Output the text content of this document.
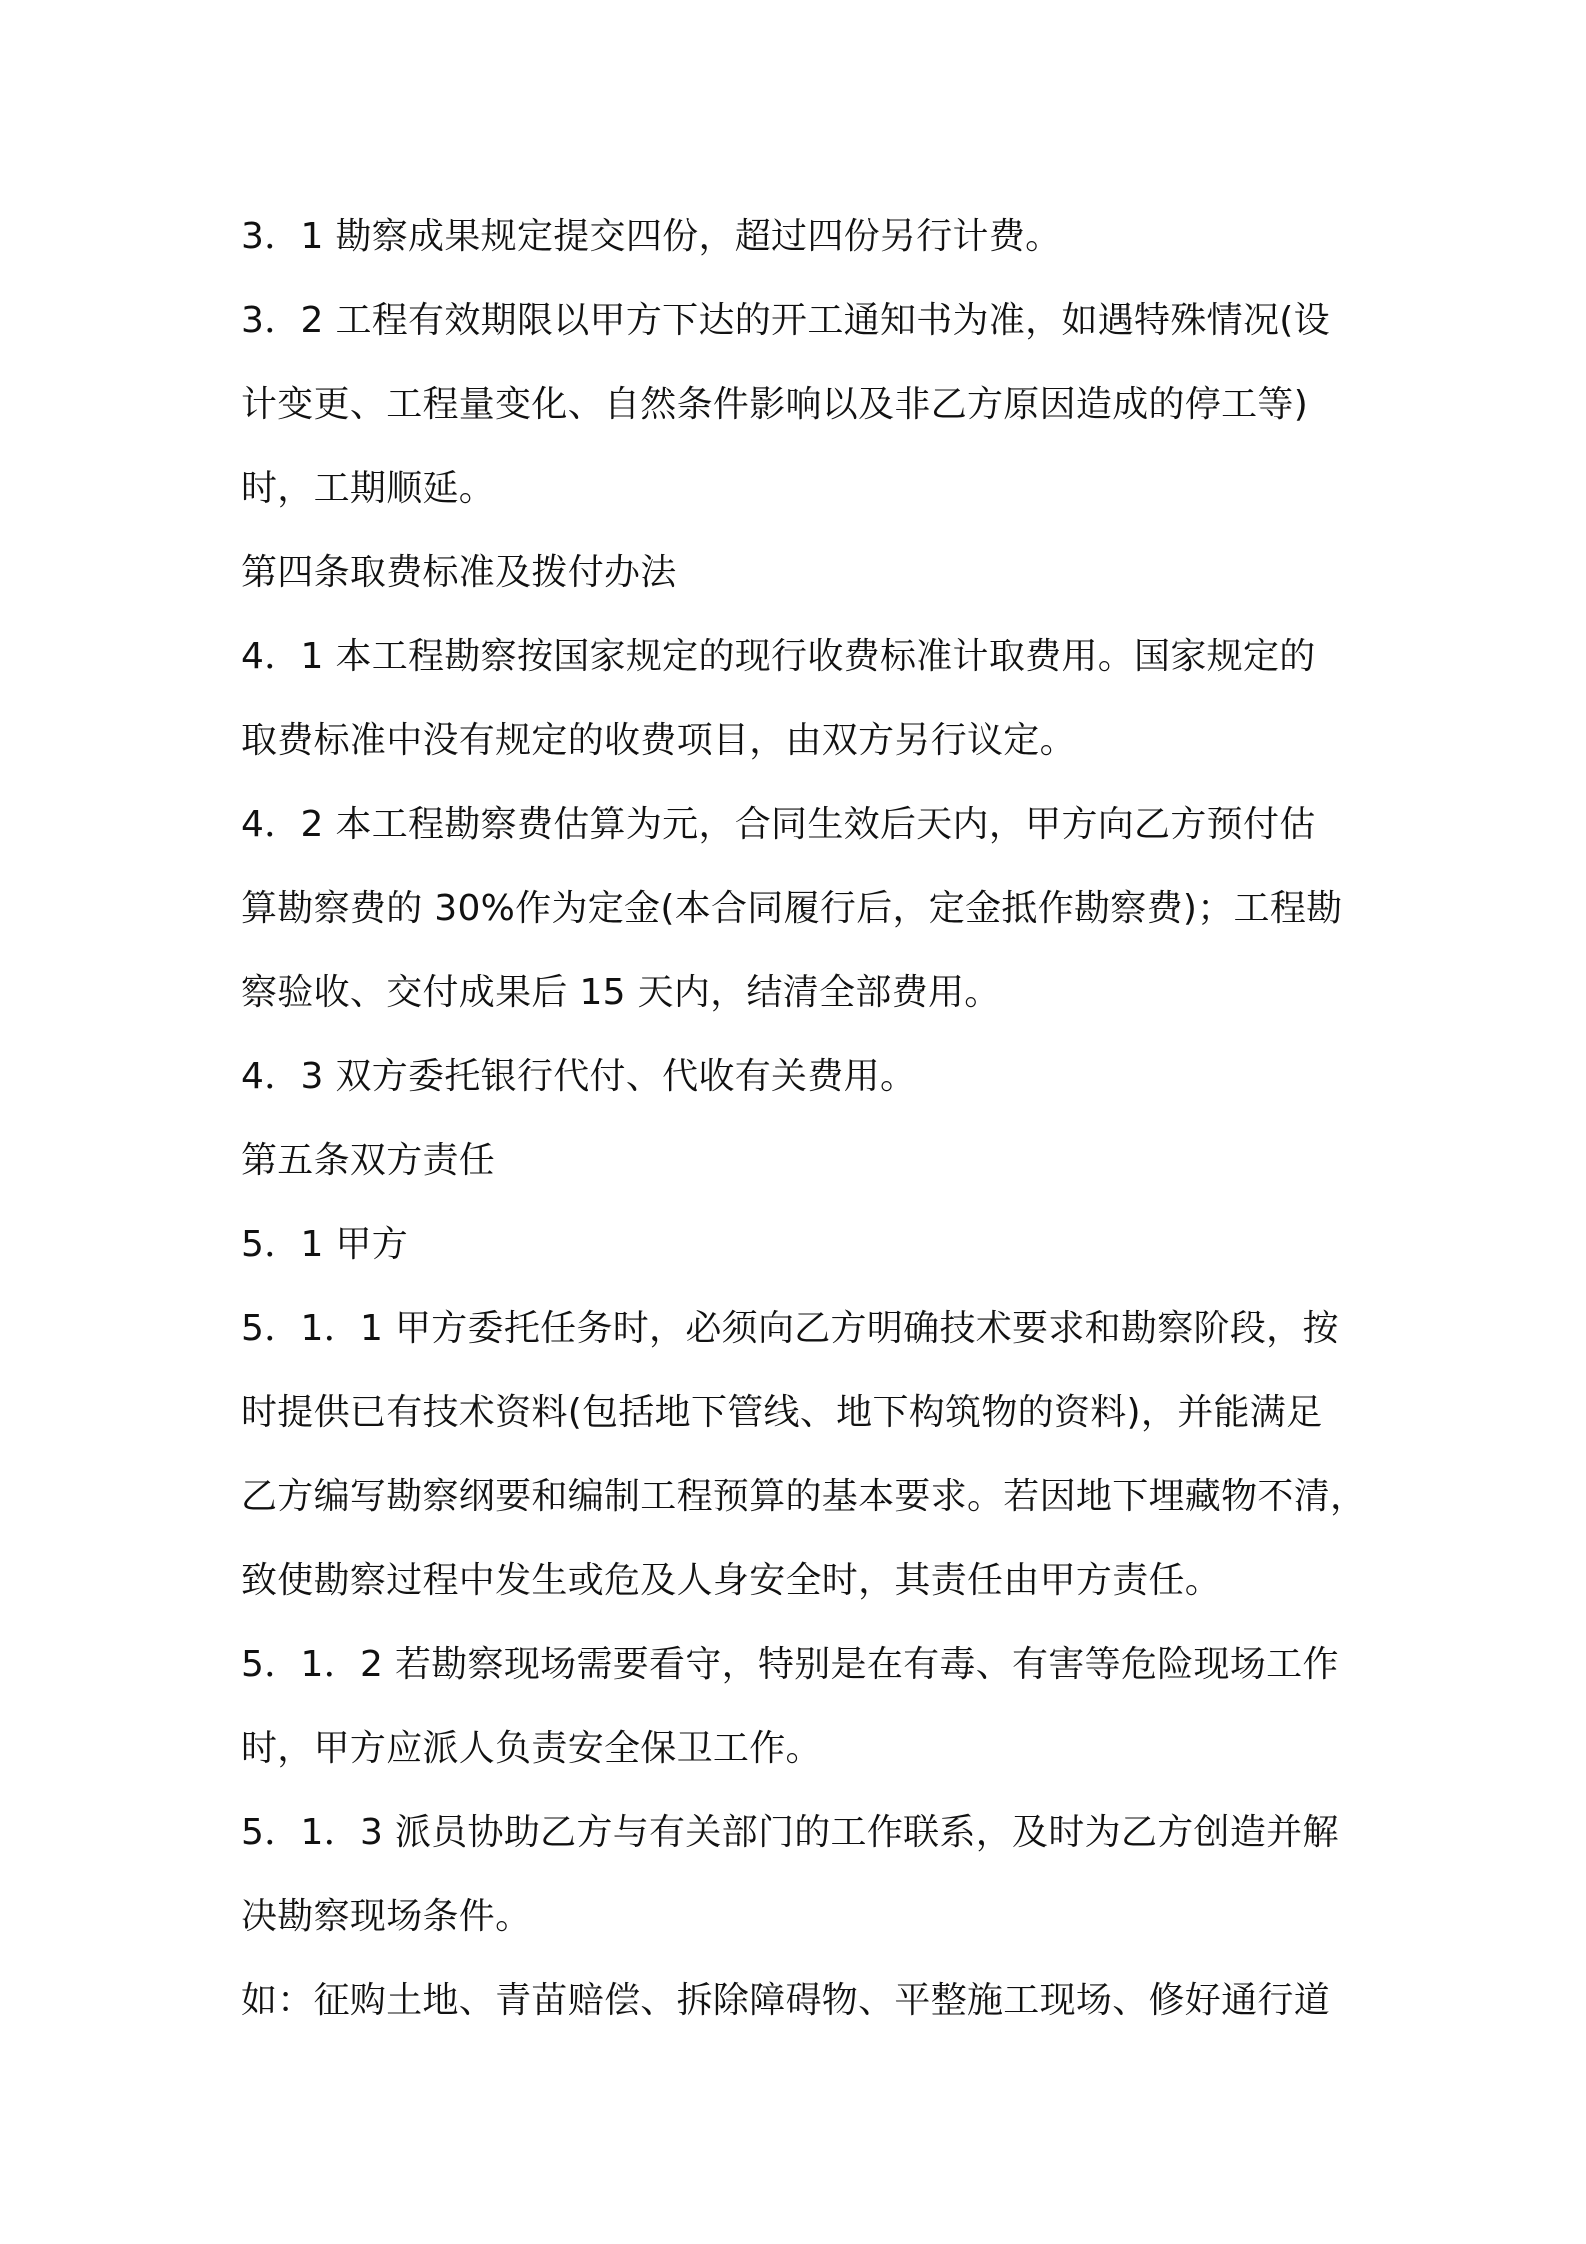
3．1 勘察成果规定提交四份，超过四份另行计费。

3．2 工程有效期限以甲方下达的开工通知书为准，如遇特殊情况(设
计变更、工程量变化、自然条件影响以及非乙方原因造成的停工等)
时，工期顺延。

第四条取费标准及拨付办法

4．1 本工程勘察按国家规定的现行收费标准计取费用。国家规定的
取费标准中没有规定的收费项目，由双方另行议定。

4．2 本工程勘察费估算为元，合同生效后天内，甲方向乙方预付估
算勘察费的 30%作为定金(本合同履行后，定金抵作勘察费)；工程勘
察验收、交付成果后 15 天内，结清全部费用。

4．3 双方委托银行代付、代收有关费用。

第五条双方责任

5．1 甲方

5．1．1 甲方委托任务时，必须向乙方明确技术要求和勘察阶段，按
时提供已有技术资料(包括地下管线、地下构筑物的资料)，并能满足
乙方编写勘察纲要和编制工程预算的基本要求。若因地下埋藏物不清，
致使勘察过程中发生或危及人身安全时，其责任由甲方责任。

5．1．2 若勘察现场需要看守，特别是在有毒、有害等危险现场工作
时，甲方应派人负责安全保卫工作。

5．1．3 派员协助乙方与有关部门的工作联系，及时为乙方创造并解
决勘察现场条件。

如：征购土地、青苗赔偿、拆除障碍物、平整施工现场、修好通行道
